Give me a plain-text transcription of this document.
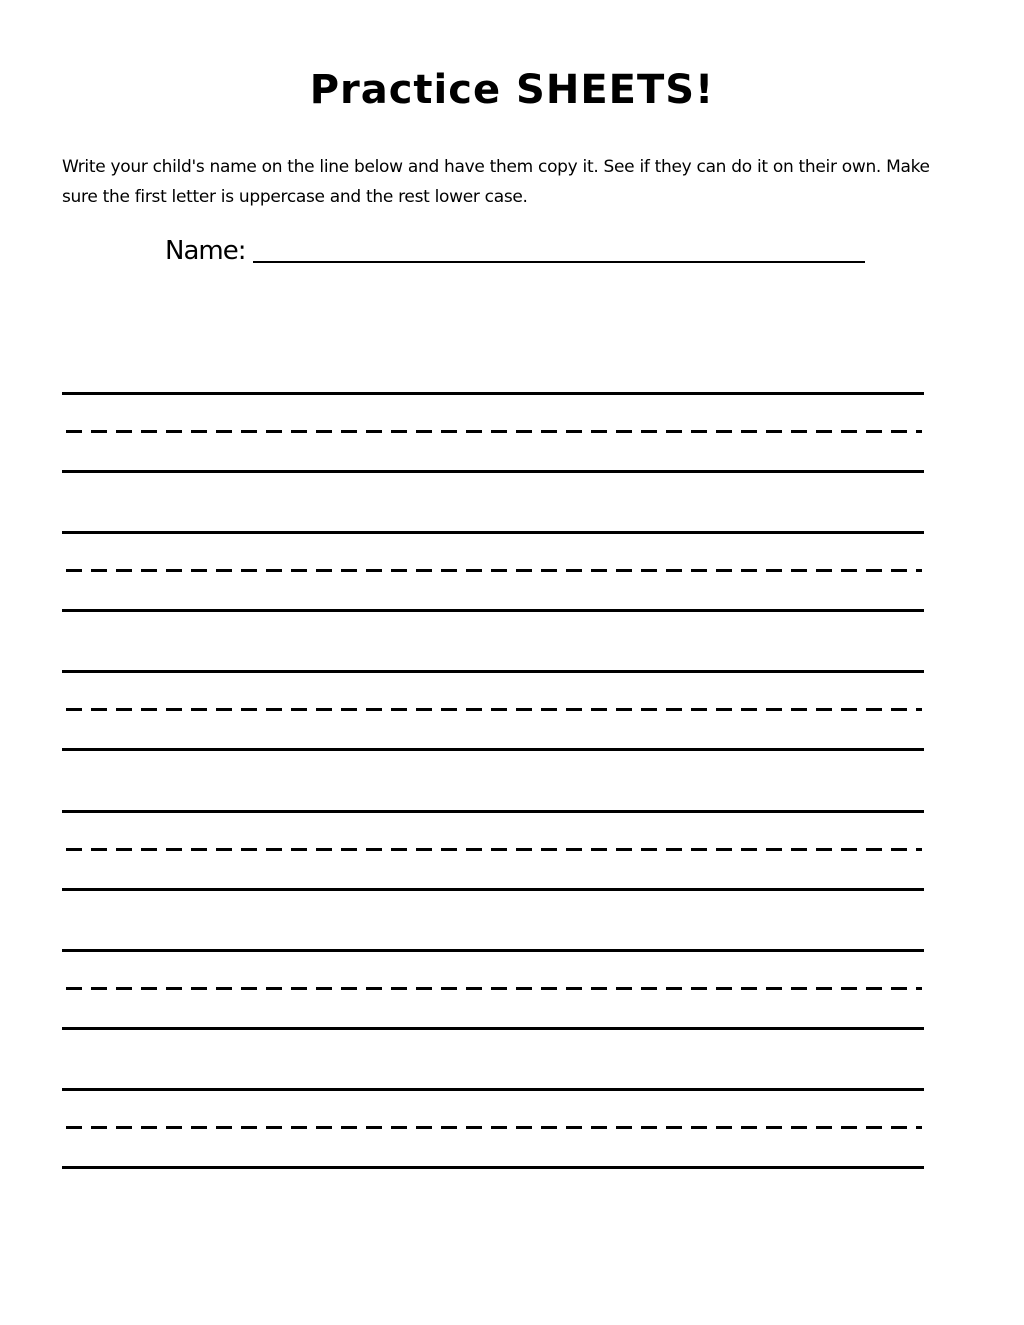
Practice SHEETS!
Write your child's name on the line below and have them copy it. See if they can do it on their own. Make sure the first letter is uppercase and the rest lower case.
Name:
